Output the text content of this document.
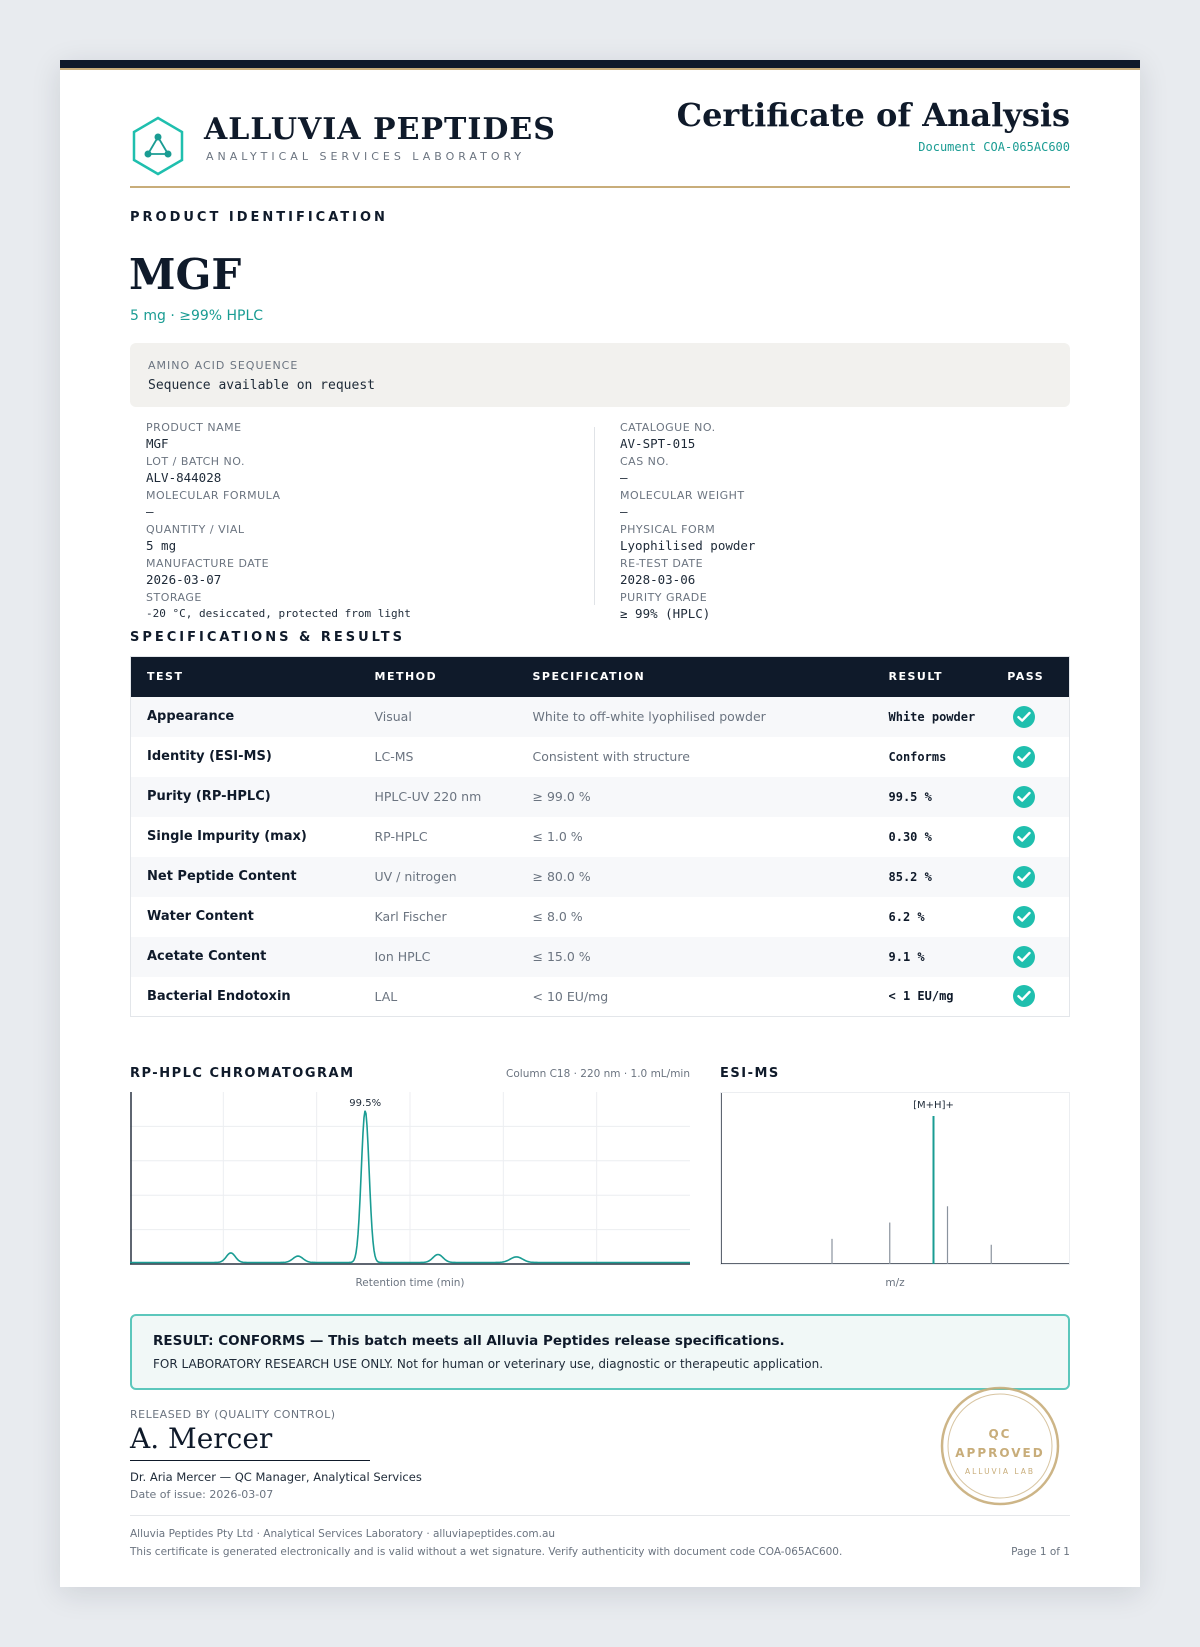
ALLUVIA PEPTIDES
ANALYTICAL SERVICES LABORATORY
Certificate of Analysis
Document COA-065AC600
PRODUCT IDENTIFICATION
MGF
5 mg · ≥99% HPLC
AMINO ACID SEQUENCE
Sequence available on request
PRODUCT NAME
MGF
LOT / BATCH NO.
ALV-844028
MOLECULAR FORMULA
—
QUANTITY / VIAL
5 mg
MANUFACTURE DATE
2026-03-07
STORAGE
-20 °C, desiccated, protected from light
CATALOGUE NO.
AV-SPT-015
CAS NO.
—
MOLECULAR WEIGHT
—
PHYSICAL FORM
Lyophilised powder
RE-TEST DATE
2028-03-06
PURITY GRADE
≥ 99% (HPLC)
SPECIFICATIONS & RESULTS
TEST	METHOD	SPECIFICATION	RESULT	PASS
Appearance	Visual	White to off-white lyophilised powder	White powder	

Identity (ESI-MS)	LC-MS	Consistent with structure	Conforms	

Purity (RP-HPLC)	HPLC-UV 220 nm	≥ 99.0 %	99.5 %	

Single Impurity (max)	RP-HPLC	≤ 1.0 %	0.30 %	

Net Peptide Content	UV / nitrogen	≥ 80.0 %	85.2 %	

Water Content	Karl Fischer	≤ 8.0 %	6.2 %	

Acetate Content	Ion HPLC	≤ 15.0 %	9.1 %	

Bacterial Endotoxin	LAL	< 10 EU/mg	< 1 EU/mg	
RP-HPLC CHROMATOGRAM	Column C18 · 220 nm · 1.0 mL/min
99.5%
Retention time (min)
ESI-MS
[M+H]+
m/z
RESULT: CONFORMS — This batch meets all Alluvia Peptides release specifications.
FOR LABORATORY RESEARCH USE ONLY. Not for human or veterinary use, diagnostic or therapeutic application.
RELEASED BY (QUALITY CONTROL)
A. Mercer
Dr. Aria Mercer — QC Manager, Analytical Services
Date of issue: 2026-03-07
QC
APPROVED
ALLUVIA LAB
Alluvia Peptides Pty Ltd · Analytical Services Laboratory · alluviapeptides.com.au
This certificate is generated electronically and is valid without a wet signature. Verify authenticity with document code COA-065AC600.	Page 1 of 1
